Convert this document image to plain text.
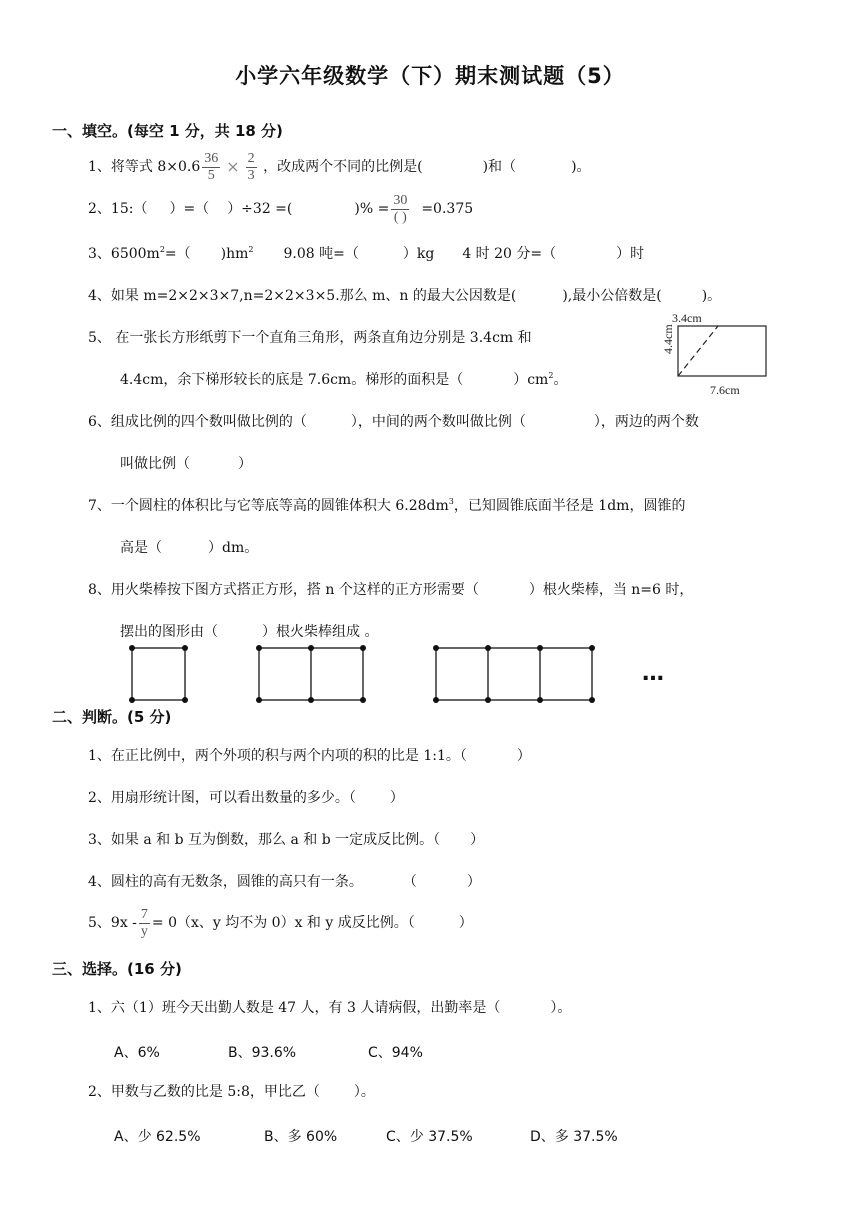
小学六年级数学（下）期末测试题（5）
一、填空。(每空 1 分，共 18 分)
1、将等式 $8\times 0.6 \frac{36}{5} \times \frac{2}{3}$ ，改成两个不同的比例是(	)和（	)。
2、15:（ ）=（ ）÷32 =(	)% = $\frac{30}{( )} =0.375$
3、$6500m^2=$（ )$hm^2$ 9.08 吨=（	）kg 4 时 20 分=（	）时
4、如果 m=2×2×3×7,n=2×2×3×5.那么 m、n 的最大公因数是(	),最小公倍数是(	)。
5、 在一张长方形纸剪下一个直角三角形，两条直角边分别是 3.4cm 和
4.4cm，余下梯形较长的底是 7.6cm。梯形的面积是（	）$cm^2$。
3.4cm
4.4cm
7.6cm
6、组成比例的四个数叫做比例的（	），中间的两个数叫做比例（	），两边的两个数
叫做比例（	）
7、一个圆柱的体积比与它等底等高的圆锥体积大 $6.28dm^3$，已知圆锥底面半径是 1dm，圆锥的
高是（	）dm。
8、用火柴棒按下图方式搭正方形，搭 n 个这样的正方形需要（	）根火柴棒，当 n=6 时，
摆出的图形由（	）根火柴棒组成 。
…
二、判断。(5 分)
1、在正比例中，两个外项的积与两个内项的积的比是 1:1。（	）
2、用扇形统计图，可以看出数量的多少。（ ）
3、如果 a 和 b 互为倒数，那么 a 和 b 一定成反比例。（ ）
4、圆柱的高有无数条，圆锥的高只有一条。	（	）
5、$9x - \frac{7}{y} = 0(x$、y 均不为 0）x 和 y 成反比例。（	）
三、选择。(16 分)
1、六（1）班今天出勤人数是 47 人，有 3 人请病假，出勤率是（	）。
A、6%	B、93.6%	C、94%
2、甲数与乙数的比是 5:8，甲比乙（ ）。
A、少 62.5%	B、多 60%	C、少 37.5%	D、多 37.5%
